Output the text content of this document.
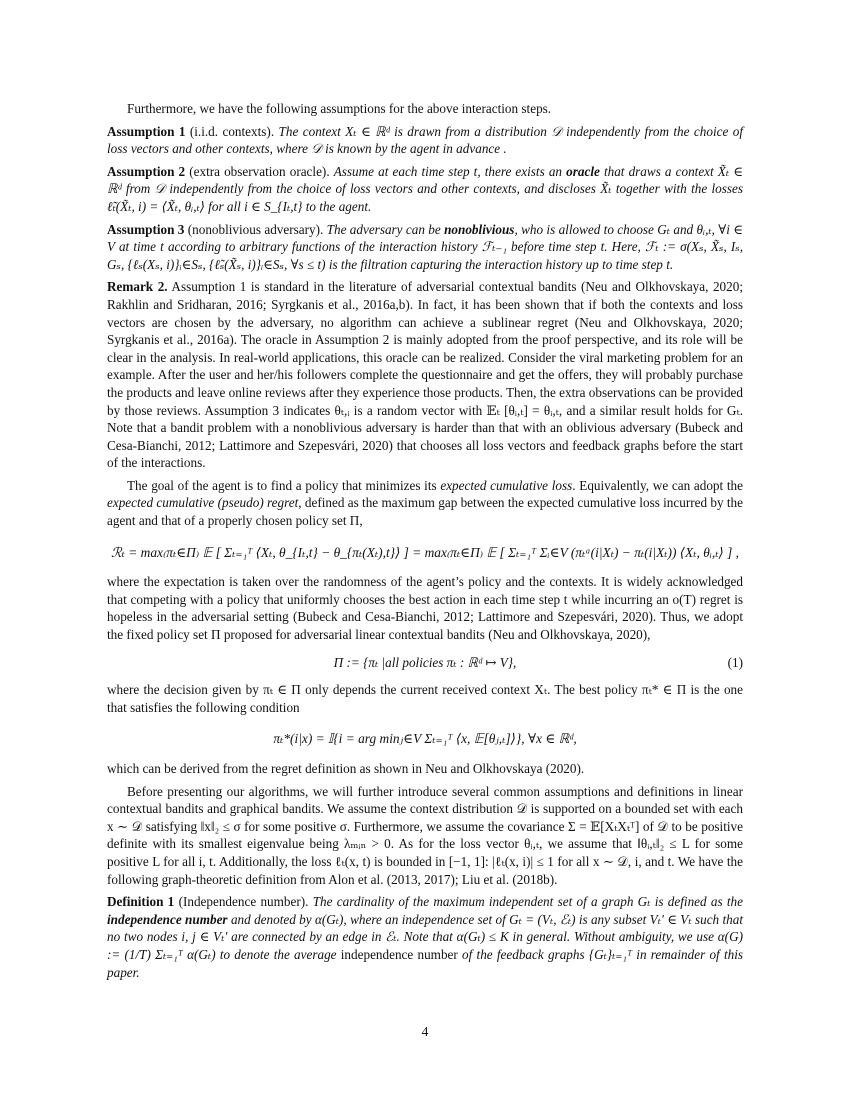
Furthermore, we have the following assumptions for the above interaction steps.

Assumption 1 (i.i.d. contexts). The context Xₜ ∈ ℝᵈ is drawn from a distribution 𝒟 independently from the choice of loss vectors and other contexts, where 𝒟 is known by the agent in advance .

Assumption 2 (extra observation oracle). Assume at each time step t, there exists an oracle that draws a context X̃ₜ ∈ ℝᵈ from 𝒟 independently from the choice of loss vectors and other contexts, and discloses X̃ₜ together with the losses ℓ̃ₜ(X̃ₜ, i) = ⟨X̃ₜ, θᵢ,ₜ⟩ for all i ∈ S_{Iₜ,t} to the agent.

Assumption 3 (nonoblivious adversary). The adversary can be nonoblivious, who is allowed to choose Gₜ and θᵢ,ₜ, ∀i ∈ V at time t according to arbitrary functions of the interaction history ℱₜ₋₁ before time step t. Here, ℱₜ := σ(Xₛ, X̃ₛ, Iₛ, Gₛ, {ℓₛ(Xₛ, i)}ᵢ∈Sₛ, {ℓ̃ₛ(X̃ₛ, i)}ᵢ∈Sₛ, ∀s ≤ t) is the filtration capturing the interaction history up to time step t.

Remark 2. Assumption 1 is standard in the literature of adversarial contextual bandits (Neu and Olkhovskaya, 2020; Rakhlin and Sridharan, 2016; Syrgkanis et al., 2016a,b). In fact, it has been shown that if both the contexts and loss vectors are chosen by the adversary, no algorithm can achieve a sublinear regret (Neu and Olkhovskaya, 2020; Syrgkanis et al., 2016a). The oracle in Assumption 2 is mainly adopted from the proof perspective, and its role will be clear in the analysis. In real-world applications, this oracle can be realized. Consider the viral marketing problem for an example. After the user and her/his followers complete the questionnaire and get the offers, they will probably purchase the products and leave online reviews after they experience those products. Then, the extra observations can be provided by those reviews. Assumption 3 indicates θₜ,ᵢ is a random vector with 𝔼ₜ [θᵢ,ₜ] = θᵢ,ₜ, and a similar result holds for Gₜ. Note that a bandit problem with a nonoblivious adversary is harder than that with an oblivious adversary (Bubeck and Cesa-Bianchi, 2012; Lattimore and Szepesvári, 2020) that chooses all loss vectors and feedback graphs before the start of the interactions.

The goal of the agent is to find a policy that minimizes its expected cumulative loss. Equivalently, we can adopt the expected cumulative (pseudo) regret, defined as the maximum gap between the expected cumulative loss incurred by the agent and that of a properly chosen policy set Π,

ℛₜ = max₍πₜ∈Π₎ 𝔼 [ Σₜ₌₁ᵀ ⟨Xₜ, θ_{Iₜ,t} − θ_{πₜ(Xₜ),t}⟩ ] = max₍πₜ∈Π₎ 𝔼 [ Σₜ₌₁ᵀ Σᵢ∈V (πₜᵃ(i|Xₜ) − πₜ(i|Xₜ)) ⟨Xₜ, θᵢ,ₜ⟩ ] ,

where the expectation is taken over the randomness of the agent’s policy and the contexts. It is widely acknowledged that competing with a policy that uniformly chooses the best action in each time step t while incurring an o(T) regret is hopeless in the adversarial setting (Bubeck and Cesa-Bianchi, 2012; Lattimore and Szepesvári, 2020). Thus, we adopt the fixed policy set Π proposed for adversarial linear contextual bandits (Neu and Olkhovskaya, 2020),

Π := {πₜ |all policies πₜ : ℝᵈ ↦ V},	(1)

where the decision given by πₜ ∈ Π only depends the current received context Xₜ. The best policy πₜ* ∈ Π is the one that satisfies the following condition

πₜ*(i|x) = 𝕀{i = arg minⱼ∈V Σₜ₌₁ᵀ ⟨x, 𝔼[θⱼ,ₜ]⟩}, ∀x ∈ ℝᵈ,

which can be derived from the regret definition as shown in Neu and Olkhovskaya (2020).

Before presenting our algorithms, we will further introduce several common assumptions and definitions in linear contextual bandits and graphical bandits. We assume the context distribution 𝒟 is supported on a bounded set with each x ∼ 𝒟 satisfying ‖x‖₂ ≤ σ for some positive σ. Furthermore, we assume the covariance Σ = 𝔼[XₜXₜᵀ] of 𝒟 to be positive definite with its smallest eigenvalue being λₘᵢₙ > 0. As for the loss vector θᵢ,ₜ, we assume that ‖θᵢ,ₜ‖₂ ≤ L for some positive L for all i, t. Additionally, the loss ℓₜ(x, t) is bounded in [−1, 1]: |ℓₜ(x, i)| ≤ 1 for all x ∼ 𝒟, i, and t. We have the following graph-theoretic definition from Alon et al. (2013, 2017); Liu et al. (2018b).

Definition 1 (Independence number). The cardinality of the maximum independent set of a graph Gₜ is defined as the independence number and denoted by α(Gₜ), where an independence set of Gₜ = (Vₜ, ℰₜ) is any subset Vₜ′ ∈ Vₜ such that no two nodes i, j ∈ Vₜ′ are connected by an edge in ℰₜ. Note that α(Gₜ) ≤ K in general. Without ambiguity, we use α(G) := (1/T) Σₜ₌₁ᵀ α(Gₜ) to denote the average independence number of the feedback graphs {Gₜ}ₜ₌₁ᵀ in remainder of this paper.

4
